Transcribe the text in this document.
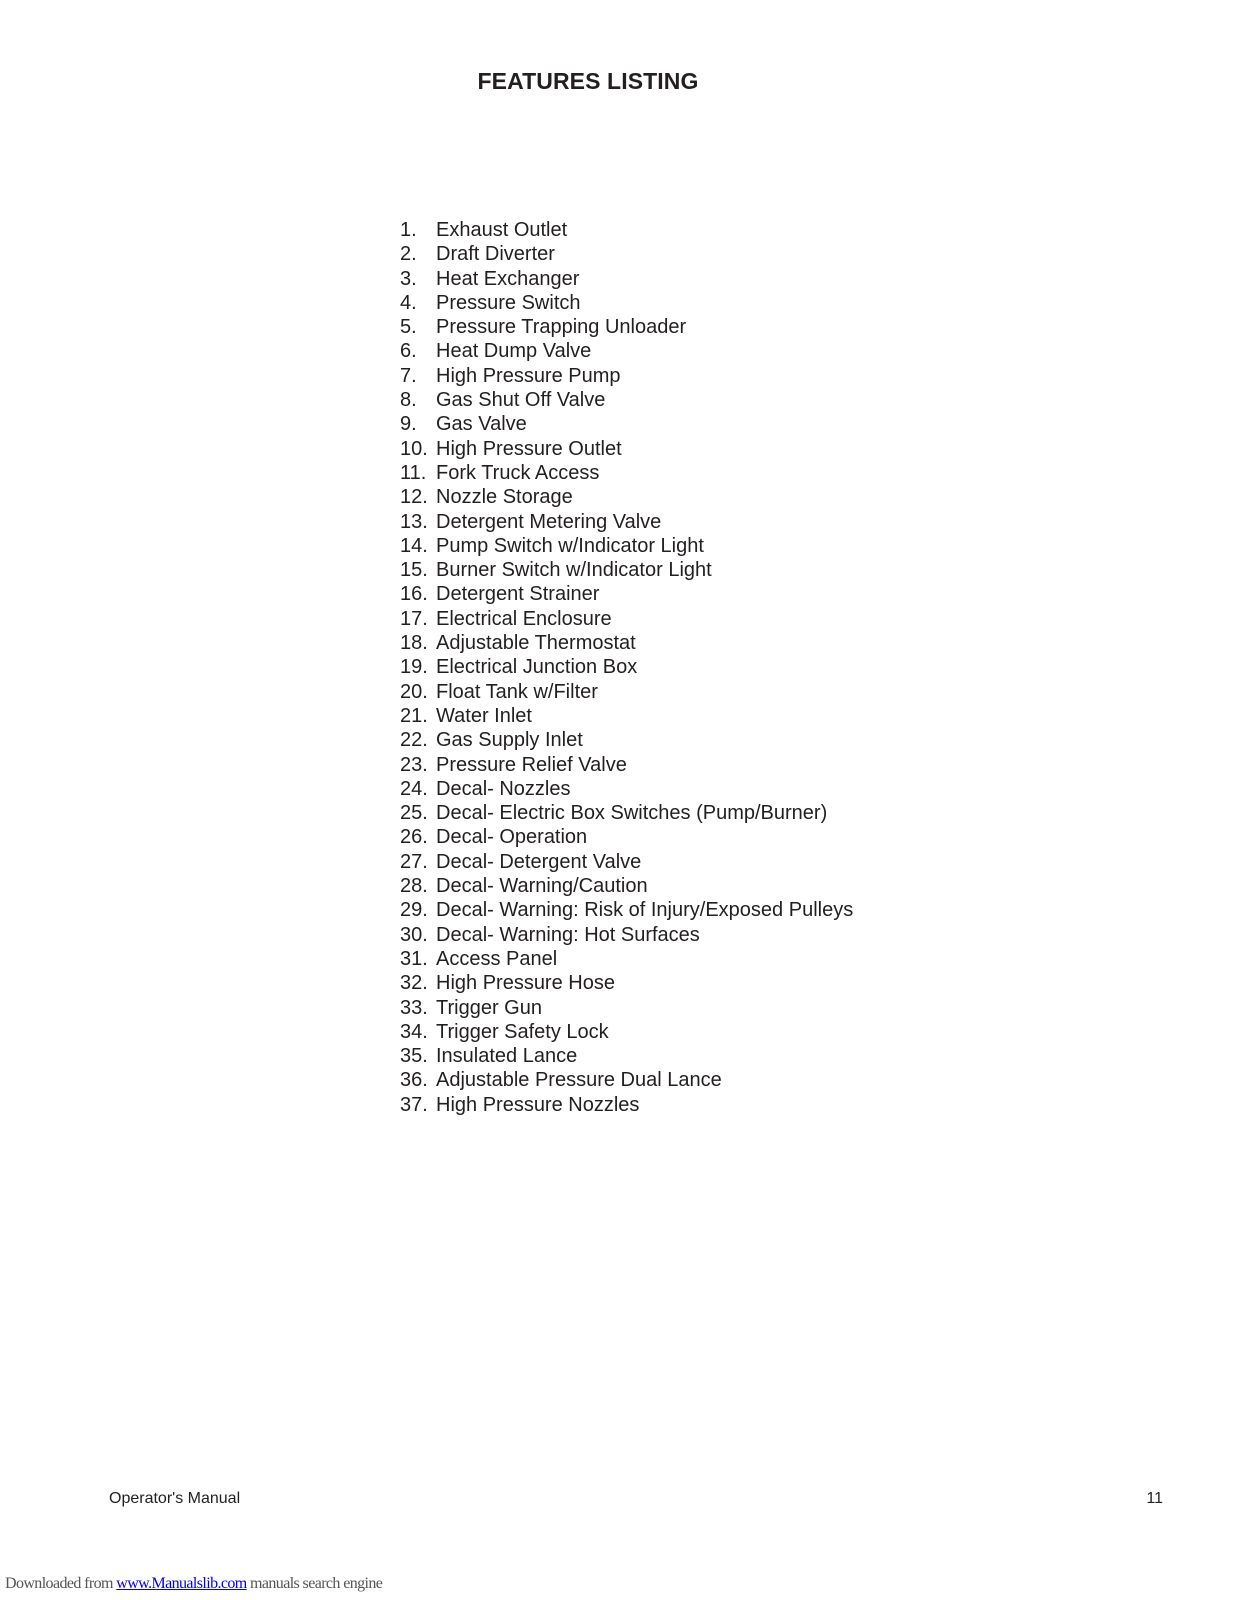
FEATURES LISTING
1. Exhaust Outlet
2. Draft Diverter
3. Heat Exchanger
4. Pressure Switch
5. Pressure Trapping Unloader
6. Heat Dump Valve
7. High Pressure Pump
8. Gas Shut Off Valve
9. Gas Valve
10. High Pressure Outlet
11. Fork Truck Access
12. Nozzle Storage
13. Detergent Metering Valve
14. Pump Switch w/Indicator Light
15. Burner Switch w/Indicator Light
16. Detergent Strainer
17. Electrical Enclosure
18. Adjustable Thermostat
19. Electrical Junction Box
20. Float Tank w/Filter
21. Water Inlet
22. Gas Supply Inlet
23. Pressure Relief Valve
24. Decal- Nozzles
25. Decal- Electric Box Switches (Pump/Burner)
26. Decal- Operation
27. Decal- Detergent Valve
28. Decal- Warning/Caution
29. Decal- Warning: Risk of Injury/Exposed Pulleys
30. Decal- Warning: Hot Surfaces
31. Access Panel
32. High Pressure Hose
33. Trigger Gun
34. Trigger Safety Lock
35. Insulated Lance
36. Adjustable Pressure Dual Lance
37. High Pressure Nozzles
Operator's Manual	11
Downloaded from www.Manualslib.com manuals search engine
